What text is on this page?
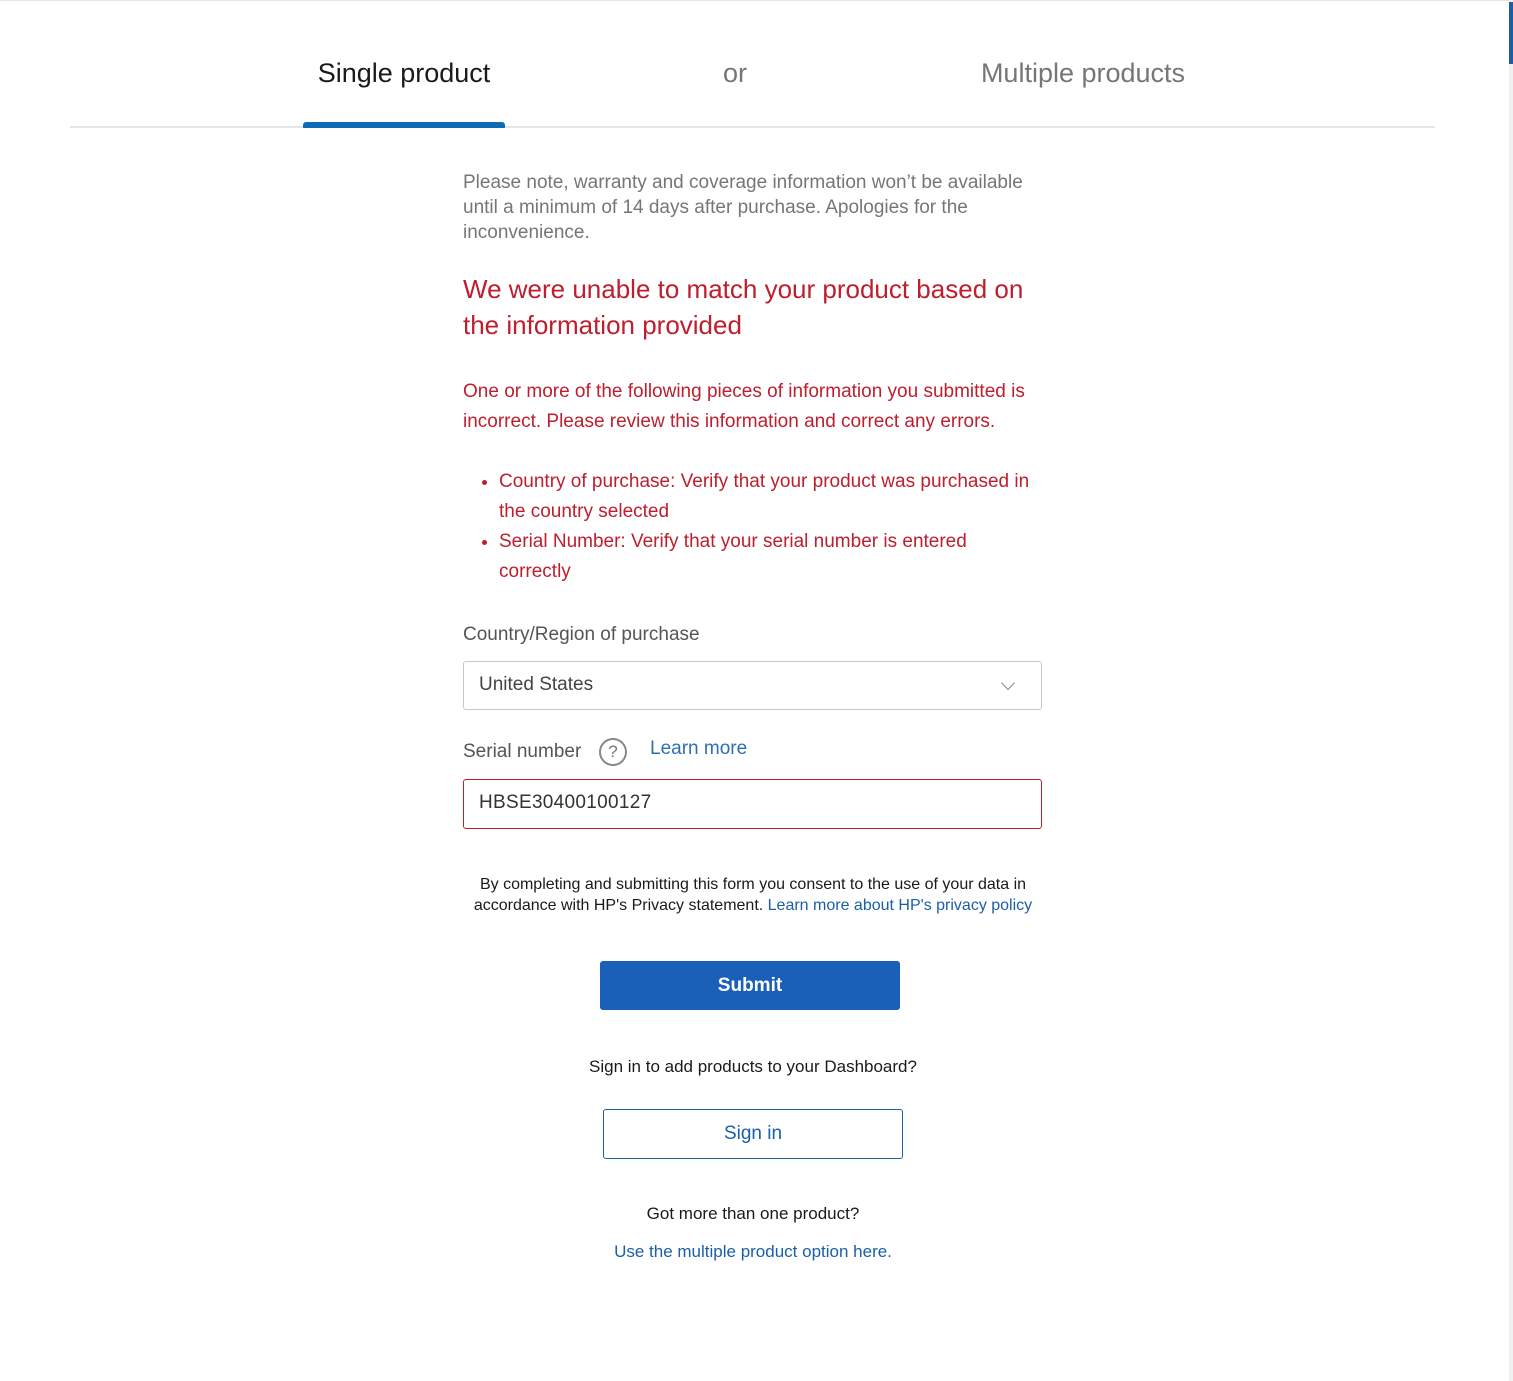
Single product	or	Multiple products

Please note, warranty and coverage information won’t be available until a minimum of 14 days after purchase. Apologies for the inconvenience.

We were unable to match your product based on the information provided

One or more of the following pieces of information you submitted is incorrect. Please review this information and correct any errors.

• Country of purchase: Verify that your product was purchased in the country selected
• Serial Number: Verify that your serial number is entered correctly
Country/Region of purchase
United States
Serial number	?	Learn more
HBSE30400100127
By completing and submitting this form you consent to the use of your data in accordance with HP's Privacy statement. Learn more about HP's privacy policy
Submit
Sign in to add products to your Dashboard?
Sign in
Got more than one product?
Use the multiple product option here.
